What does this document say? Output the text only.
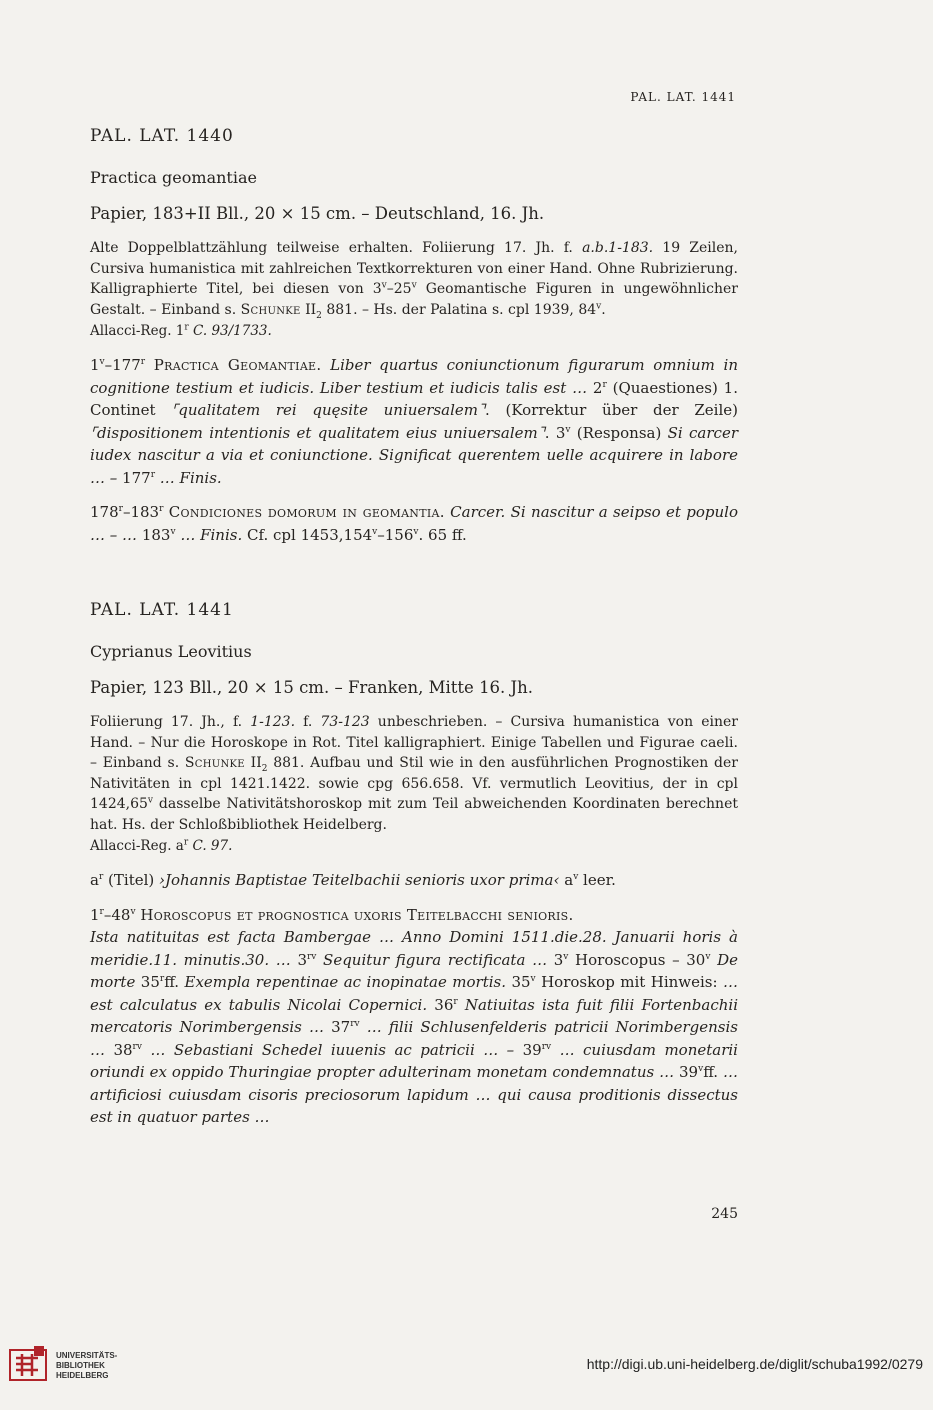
PAL. LAT. 1441
PAL. LAT. 1440
Practica geomantiae
Papier, 183+II Bll., 20 × 15 cm. – Deutschland, 16. Jh.

Alte Doppelblattzählung teilweise erhalten. Foliierung 17. Jh. f. a.b.1-183. 19 Zeilen, Cursiva humanistica mit zahlreichen Textkorrekturen von einer Hand. Ohne Rubrizierung. Kalligraphierte Titel, bei diesen von 3$^v$–25$^v$ Geomantische Figuren in ungewöhnlicher Gestalt. – Einband s. Schunke $II_2$ 881. – Hs. der Palatina s. cpl 1939, 84$^v$.

Allacci-Reg. 1$^r$ C. 93/1733.

1$^v$–177$^r$ Practica Geomantiae. Liber quartus coniunctionum figurarum omnium in cognitione testium et iudicis. Liber testium et iudicis talis est … 2$^r$ (Quaestiones) 1. Continet ⌜qualitatem rei quęsite uniuersalem⌝. (Korrektur über der Zeile) ⌜dispositionem intentionis et qualitatem eius uniuersalem⌝. 3$^v$ (Responsa) Si carcer iudex nascitur a via et coniunctione. Significat querentem uelle acquirere in labore … – 177$^r$ … Finis.

178$^r$–183$^r$ Condiciones domorum in geomantia. Carcer. Si nascitur a seipso et populo … – … 183$^v$ … Finis. Cf. cpl 1453,154$^v$–156$^v$. 65 ff.

PAL. LAT. 1441
Cyprianus Leovitius
Papier, 123 Bll., 20 × 15 cm. – Franken, Mitte 16. Jh.

Foliierung 17. Jh., f. 1-123. f. 73-123 unbeschrieben. – Cursiva humanistica von einer Hand. – Nur die Horoskope in Rot. Titel kalligraphiert. Einige Tabellen und Figurae caeli. – Einband s. Schunke $II_2$ 881. Aufbau und Stil wie in den ausführlichen Prognostiken der Nativitäten in cpl 1421.1422. sowie cpg 656.658. Vf. vermutlich Leovitius, der in cpl 1424,65$^v$ dasselbe Nativitätshoroskop mit zum Teil abweichenden Koordinaten berechnet hat. Hs. der Schloßbibliothek Heidelberg.

Allacci-Reg. $a^r$ C. 97.

$a^r$ (Titel) ›Johannis Baptistae Teitelbachii senioris uxor prima‹ $a^v$ leer.

1$^r$–48$^v$ Horoscopus et prognostica uxoris Teitelbacchi senioris.
Ista natituitas est facta Bambergae … Anno Domini 1511.die.28. Januarii horis à meridie.11. minutis.30. … $3^{rv}$ Sequitur figura rectificata … 3$^v$ Horoscopus – 30$^v$ De morte 35$^r$ff. Exempla repentinae ac inopinatae mortis. 35$^v$ Horoskop mit Hinweis: … est calculatus ex tabulis Nicolai Copernici. 36$^r$ Natiuitas ista fuit filii Fortenbachii mercatoris Norimbergensis … $37^{rv}$ … filii Schlusenfelderis patricii Norimbergensis … $38^{rv}$ … Sebastiani Schedel iuuenis ac patricii … – $39^{rv}$ … cuiusdam monetarii oriundi ex oppido Thuringiae propter adulterinam monetam condemnatus … 39$^v$ff. … artificiosi cuiusdam cisoris preciosorum lapidum … qui causa proditionis dissectus est in quatuor partes …

245
UNIVERSITÄTS-
BIBLIOTHEK
HEIDELBERG
http://digi.ub.uni-heidelberg.de/diglit/schuba1992/0279
